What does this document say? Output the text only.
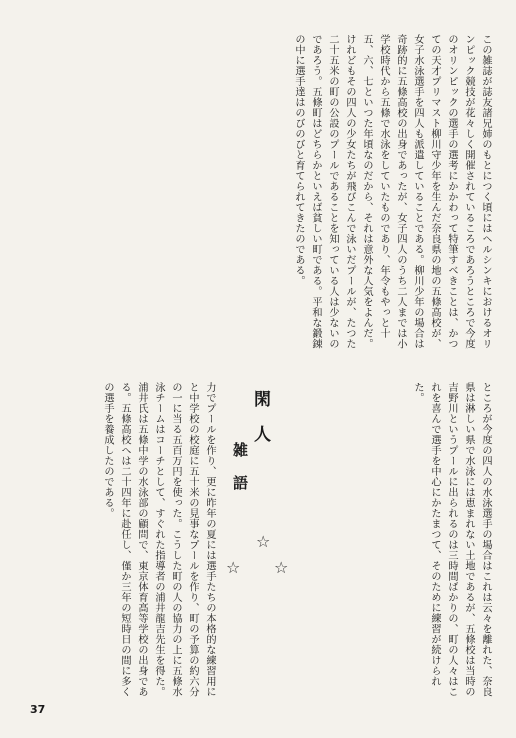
この雑誌が誌友諸兄姉のもとにつく頃にはヘルシンキにおけるオリンピック競技が花々しく開催されているころであろうところで今度のオリンピックの選手の選考にかかわって特筆すべきことは、かつての天才プリマスト柳川守少年を生んだ奈良県の地の五條高校が、女子水泳選手を四人も派遣していることである。柳川少年の場合は奇跡的に五條高校の出身であったが、女子四人のうち二人までは小学校時代から五條で水泳をしていたものであり、年令もやっと十五、六、七といつた年頃なのだから、それは意外な人気をよんだ。けれどもその四人の少女たちが飛びこんで泳いだプールが、たつた二十五米の町の公設のプールであることを知っている人は少ないのであろう。五條町はどちらかといえば貧しい町である。平和な鍛錬の中に選手達はのびのびと育てられてきたのである。
ところが今度の四人の水泳選手の場合はこれは云々を離れた、奈良県は淋しい県で水泳には恵まれない土地であるが、五條校は当時の吉野川というプールに出られるのは三時間ばかりの、町の人々はこれを喜んで選手を中心にかたまつて、そのために練習が続けられた。
閑人
雑語
☆
☆ ☆
力でプールを作り、更に昨年の夏には選手たちの本格的な練習用にと中学校の校庭に五十米の見事なプールを作り、町の予算の約六分の一に当る五百万円を使った。こうした町の人の協力の上に五條水泳チームはコーチとして、すぐれた指導者の浦井龍吉先生を得た。浦井氏は五條中学の水泳部の顧問で、東京体育高等学校の出身である。五條高校へは二十四年に赴任し、僅か三年の短時日の間に多くの選手を養成したのである。
37
